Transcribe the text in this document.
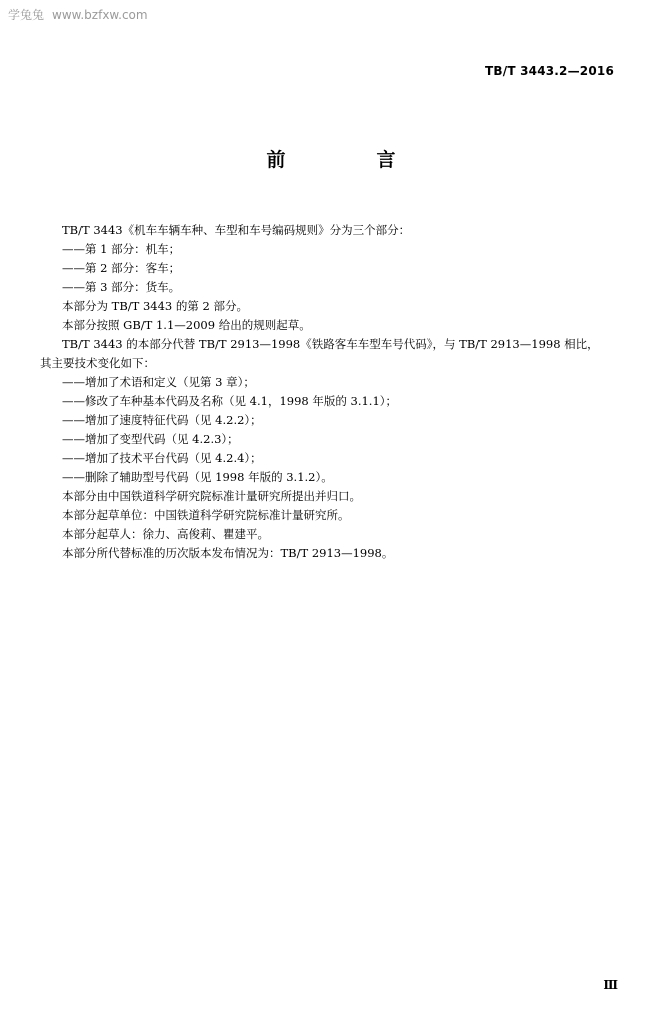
学兔兔 www.bzfxw.com
TB/T 3443.2—2016
前　言

TB/T 3443《机车车辆车种、车型和车号编码规则》分为三个部分：

——第 1 部分：机车；

——第 2 部分：客车；

——第 3 部分：货车。

本部分为 TB/T 3443 的第 2 部分。

本部分按照 GB/T 1.1—2009 给出的规则起草。

TB/T 3443 的本部分代替 TB/T 2913—1998《铁路客车车型车号代码》，与 TB/T 2913—1998 相比，

其主要技术变化如下：

——增加了术语和定义（见第 3 章）；

——修改了车种基本代码及名称（见 4.1，1998 年版的 3.1.1）；

——增加了速度特征代码（见 4.2.2）；

——增加了变型代码（见 4.2.3）；

——增加了技术平台代码（见 4.2.4）；

——删除了辅助型号代码（见 1998 年版的 3.1.2）。

本部分由中国铁道科学研究院标准计量研究所提出并归口。

本部分起草单位：中国铁道科学研究院标准计量研究所。

本部分起草人：徐力、高俊莉、瞿建平。

本部分所代替标准的历次版本发布情况为：TB/T 2913—1998。

Ⅲ
